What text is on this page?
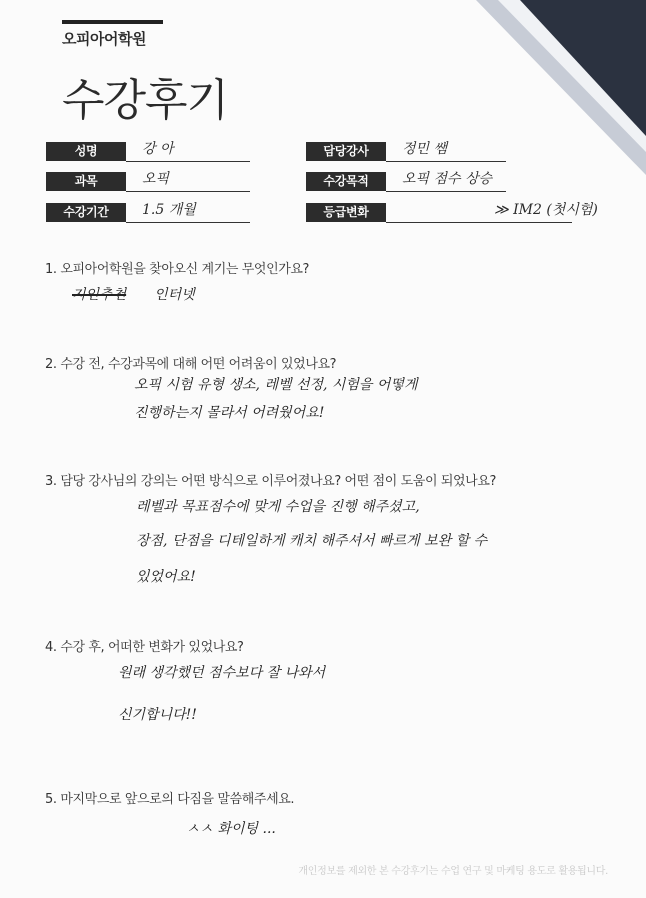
오피아어학원
수강후기
성명	강 아	담당강사	정민 쌤
과목	오픽	수강목적	오픽 점수 상승
수강기간	1.5 개월	등급변화	≫ IM2 (첫시험)
1. 오피아어학원을 찾아오신 계기는 무엇인가요?
지인추천 인터넷
2. 수강 전, 수강과목에 대해 어떤 어려움이 있었나요?
오픽 시험 유형 생소, 레벨 선정, 시험을 어떻게
진행하는지 몰라서 어려웠어요!
3. 담당 강사님의 강의는 어떤 방식으로 이루어졌나요? 어떤 점이 도움이 되었나요?
레벨과 목표점수에 맞게 수업을 진행 해주셨고,
장점, 단점을 디테일하게 캐치 해주셔서 빠르게 보완 할 수
있었어요!
4. 수강 후, 어떠한 변화가 있었나요?
원래 생각했던 점수보다 잘 나와서
신기합니다!!
5. 마지막으로 앞으로의 다짐을 말씀해주세요.
ㅅㅅ 화이팅 ...
개인정보를 제외한 본 수강후기는 수업 연구 및 마케팅 용도로 활용됩니다.
